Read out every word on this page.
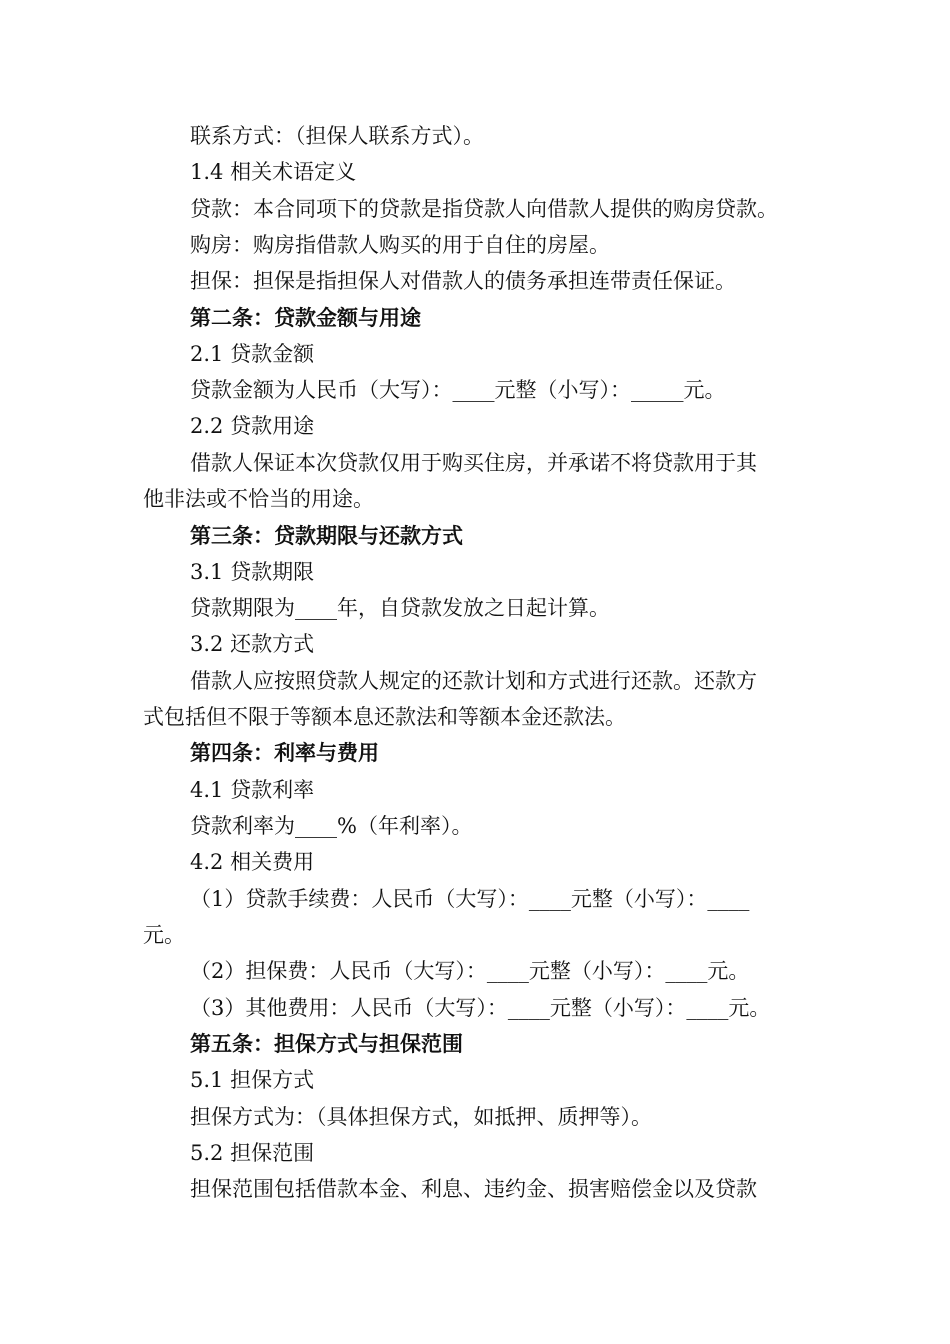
联系方式：（担保人联系方式）。
1.4 相关术语定义
贷款：本合同项下的贷款是指贷款人向借款人提供的购房贷款。
购房：购房指借款人购买的用于自住的房屋。
担保：担保是指担保人对借款人的债务承担连带责任保证。
第二条：贷款金额与用途
2.1 贷款金额
贷款金额为人民币（大写）：____元整（小写）：_____元。
2.2 贷款用途
借款人保证本次贷款仅用于购买住房，并承诺不将贷款用于其
他非法或不恰当的用途。
第三条：贷款期限与还款方式
3.1 贷款期限
贷款期限为____年，自贷款发放之日起计算。
3.2 还款方式
借款人应按照贷款人规定的还款计划和方式进行还款。还款方
式包括但不限于等额本息还款法和等额本金还款法。
第四条：利率与费用
4.1 贷款利率
贷款利率为____%（年利率）。
4.2 相关费用
（1）贷款手续费：人民币（大写）：____元整（小写）：____
元。
（2）担保费：人民币（大写）：____元整（小写）：____元。
（3）其他费用：人民币（大写）：____元整（小写）：____元。
第五条：担保方式与担保范围
5.1 担保方式
担保方式为：（具体担保方式，如抵押、质押等）。
5.2 担保范围
担保范围包括借款本金、利息、违约金、损害赔偿金以及贷款
